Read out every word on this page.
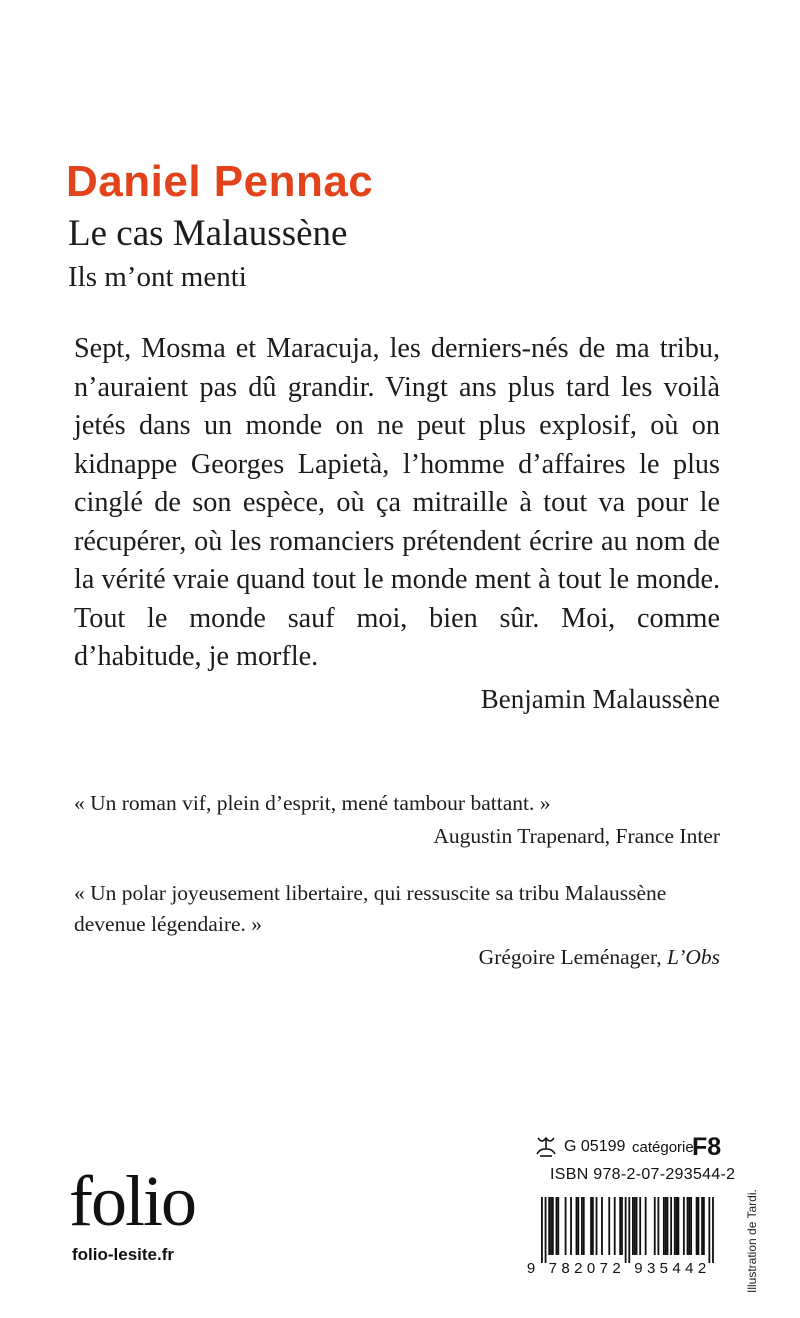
Daniel Pennac
Le cas Malaussène
Ils m’ont menti

Sept, Mosma et Maracuja, les derniers-nés de ma tribu, n’auraient pas dû grandir. Vingt ans plus tard les voilà jetés dans un monde on ne peut plus explosif, où on kidnappe Georges Lapietà, l’homme d’affaires le plus cinglé de son espèce, où ça mitraille à tout va pour le récupérer, où les romanciers prétendent écrire au nom de la vérité vraie quand tout le monde ment à tout le monde. Tout le monde sauf moi, bien sûr. Moi, comme d’habitude, je morfle.

Benjamin Malaussène

« Un roman vif, plein d’esprit, mené tambour battant. »

Augustin Trapenard, France Inter

« Un polar joyeusement libertaire, qui ressuscite sa tribu Malaussène devenue légendaire. »

Grégoire Leménager, L’Obs

folio
folio-lesite.fr
G 05199 catégorie
F8
ISBN 978-2-07-293544-2
9 7 8 2 0 7 2 9 3 5 4 4 2	Illustration de Tardi.
